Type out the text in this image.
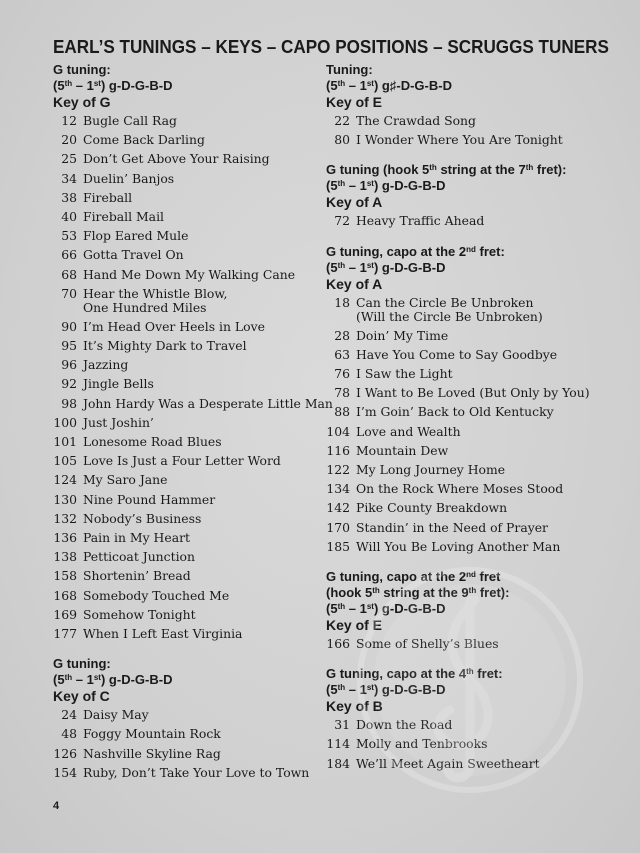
EARL’S TUNINGS – KEYS – CAPO POSITIONS – SCRUGGS TUNERS
G tuning:
(5th – 1st) g-D-G-B-D
Key of G
12 Bugle Call Rag
20 Come Back Darling
25 Don’t Get Above Your Raising
34 Duelin’ Banjos
38 Fireball
40 Fireball Mail
53 Flop Eared Mule
66 Gotta Travel On
68 Hand Me Down My Walking Cane
70 Hear the Whistle Blow,
One Hundred Miles
90 I’m Head Over Heels in Love
95 It’s Mighty Dark to Travel
96 Jazzing
92 Jingle Bells
98 John Hardy Was a Desperate Little Man
100 Just Joshin’
101 Lonesome Road Blues
105 Love Is Just a Four Letter Word
124 My Saro Jane
130 Nine Pound Hammer
132 Nobody’s Business
136 Pain in My Heart
138 Petticoat Junction
158 Shortenin’ Bread
168 Somebody Touched Me
169 Somehow Tonight
177 When I Left East Virginia
G tuning:
(5th – 1st) g-D-G-B-D
Key of C
24 Daisy May
48 Foggy Mountain Rock
126 Nashville Skyline Rag
154 Ruby, Don’t Take Your Love to Town
Tuning:
(5th – 1st) g♯-D-G-B-D
Key of E
22 The Crawdad Song
80 I Wonder Where You Are Tonight
G tuning (hook 5th string at the 7th fret):
(5th – 1st) g-D-G-B-D
Key of A
72 Heavy Traffic Ahead
G tuning, capo at the 2nd fret:
(5th – 1st) g-D-G-B-D
Key of A
18 Can the Circle Be Unbroken
(Will the Circle Be Unbroken)
28 Doin’ My Time
63 Have You Come to Say Goodbye
76 I Saw the Light
78 I Want to Be Loved (But Only by You)
88 I’m Goin’ Back to Old Kentucky
104 Love and Wealth
116 Mountain Dew
122 My Long Journey Home
134 On the Rock Where Moses Stood
142 Pike County Breakdown
170 Standin’ in the Need of Prayer
185 Will You Be Loving Another Man
G tuning, capo at the 2nd fret
(hook 5th string at the 9th fret):
(5th – 1st) g-D-G-B-D
Key of E
166 Some of Shelly’s Blues
G tuning, capo at the 4th fret:
(5th – 1st) g-D-G-B-D
Key of B
31 Down the Road
114 Molly and Tenbrooks
184 We’ll Meet Again Sweetheart
4
